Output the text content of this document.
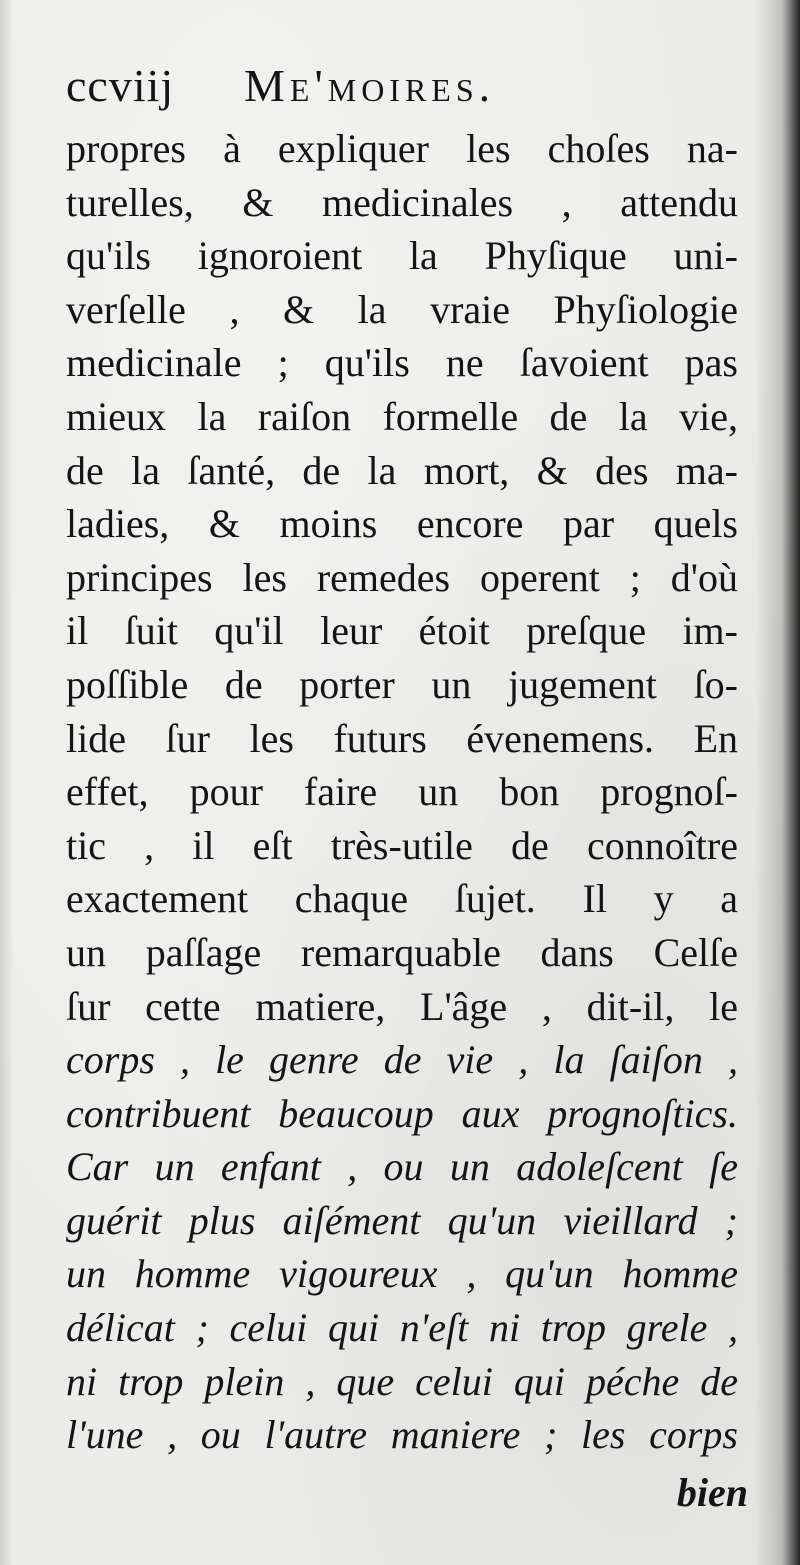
ccviij Me'moires.
propres à expliquer les choſes na-
turelles, & medicinales , attendu
qu'ils ignoroient la Phyſique uni-
verſelle , & la vraie Phyſiologie
medicinale ; qu'ils ne ſavoient pas
mieux la raiſon formelle de la vie,
de la ſanté, de la mort, & des ma-
ladies, & moins encore par quels
principes les remedes operent ; d'où
il ſuit qu'il leur étoit preſque im-
poſſible de porter un jugement ſo-
lide ſur les futurs évenemens. En
effet, pour faire un bon prognoſ-
tic , il eſt très-utile de connoître
exactement chaque ſujet. Il y a
un paſſage remarquable dans Celſe
ſur cette matiere, L'âge , dit-il, le
corps , le genre de vie , la ſaiſon ,
contribuent beaucoup aux prognoſtics.
Car un enfant , ou un adoleſcent ſe
guérit plus aiſément qu'un vieillard ;
un homme vigoureux , qu'un homme
délicat ; celui qui n'eſt ni trop grele ,
ni trop plein , que celui qui péche de
l'une , ou l'autre maniere ; les corps
bien
